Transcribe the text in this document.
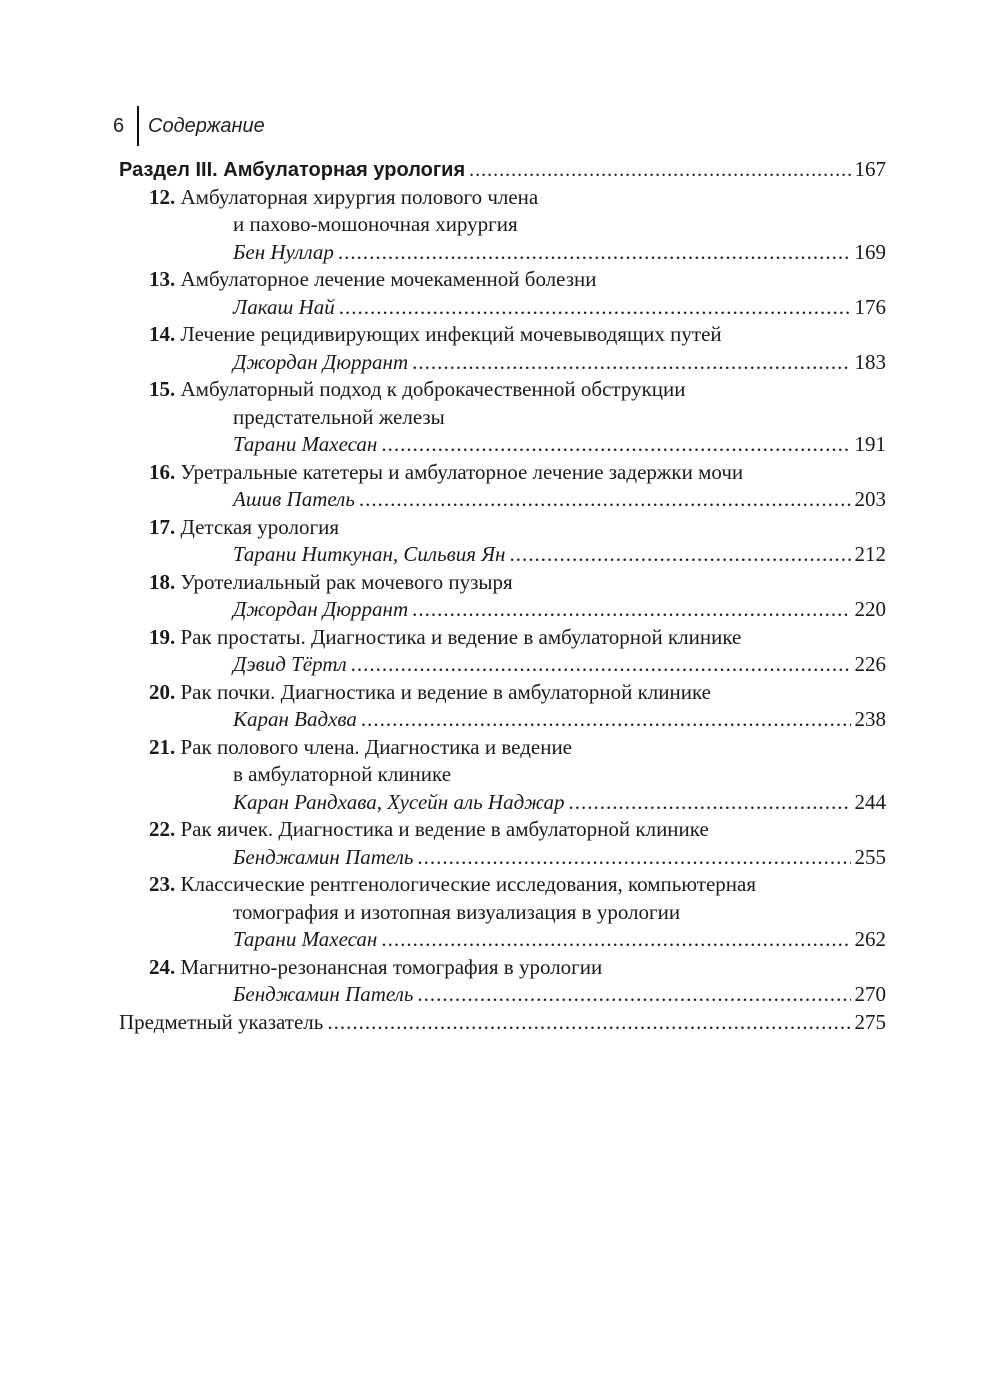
6	Содержание
Раздел III. Амбулаторная урология .....	167
12.
Амбулаторная хирургия полового члена
и пахово-мошоночная хирургия
Бен Нуллар .....	169
13.
Амбулаторное лечение мочекаменной болезни
Лакаш Най .....	176
14.
Лечение рецидивирующих инфекций мочевыводящих путей
Джордан Дюррант .....	183
15.
Амбулаторный подход к доброкачественной обструкции
предстательной железы
Тарани Махесан .....	191
16.
Уретральные катетеры и амбулаторное лечение задержки мочи
Ашив Патель .....	203
17.
Детская урология
Тарани Ниткунан, Сильвия Ян .....	212
18.
Уротелиальный рак мочевого пузыря
Джордан Дюррант .....	220
19.
Рак простаты. Диагностика и ведение в амбулаторной клинике
Дэвид Тёртл .....	226
20.
Рак почки. Диагностика и ведение в амбулаторной клинике
Каран Вадхва .....	238
21.
Рак полового члена. Диагностика и ведение
в амбулаторной клинике
Каран Рандхава, Хусейн аль Наджар .....	244
22.
Рак яичек. Диагностика и ведение в амбулаторной клинике
Бенджамин Патель .....	255
23.
Классические рентгенологические исследования, компьютерная
томография и изотопная визуализация в урологии
Тарани Махесан .....	262
24.
Магнитно-резонансная томография в урологии
Бенджамин Патель .....	270
Предметный указатель .....	275
